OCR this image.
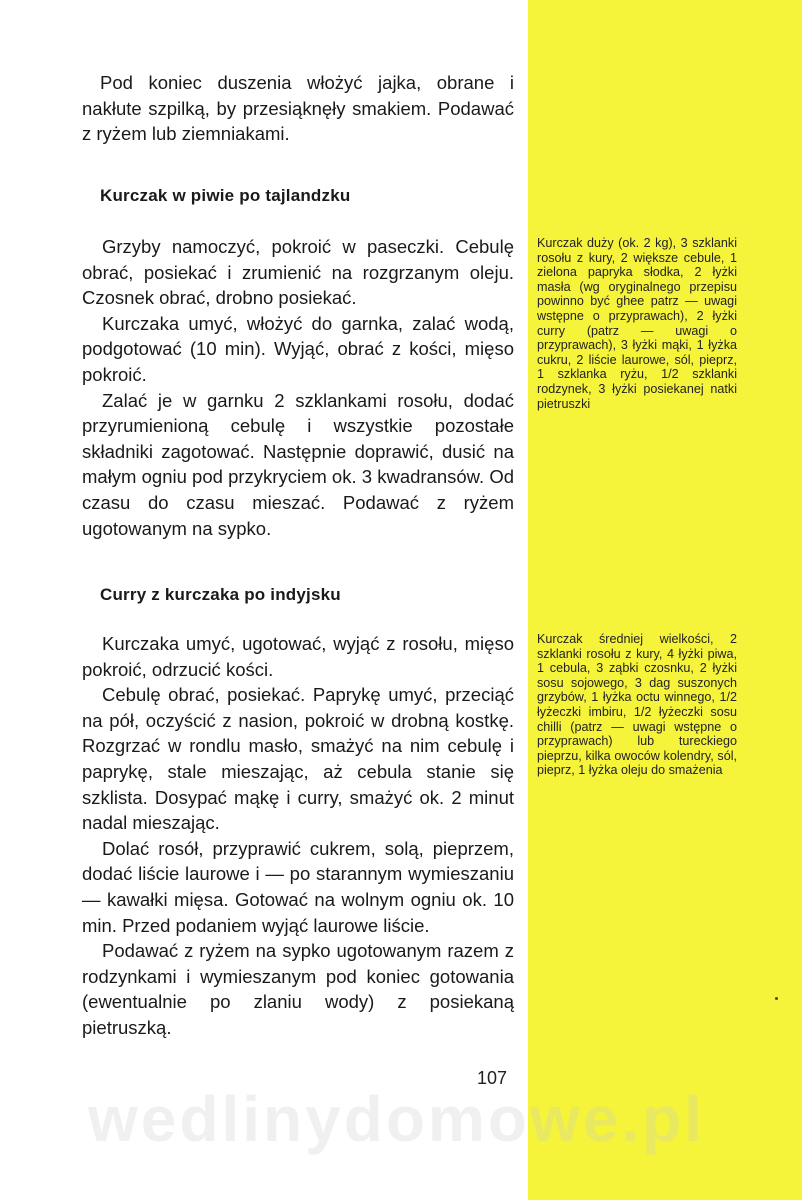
Pod koniec duszenia włożyć jajka, obrane i nakłute szpilką, by przesiąknęły smakiem. Podawać z ryżem lub ziemniakami.

Kurczak w piwie po tajlandzku

Grzyby namoczyć, pokroić w paseczki. Cebulę obrać, posiekać i zrumienić na rozgrzanym oleju. Czosnek obrać, drobno posiekać.

Kurczaka umyć, włożyć do garnka, zalać wodą, podgotować (10 min). Wyjąć, obrać z kości, mięso pokroić.

Zalać je w garnku 2 szklankami rosołu, dodać przyrumienioną cebulę i wszystkie pozostałe składniki zagotować. Następnie doprawić, dusić na małym ogniu pod przykryciem ok. 3 kwadransów. Od czasu do czasu mieszać. Podawać z ryżem ugotowanym na sypko.

Kurczak duży (ok. 2 kg), 3 szklanki rosołu z kury, 2 większe cebule, 1 zielona papryka słodka, 2 łyżki masła (wg oryginalnego przepisu powinno być ghee patrz — uwagi wstępne o przyprawach), 2 łyżki curry (patrz — uwagi o przyprawach), 3 łyżki mąki, 1 łyżka cukru, 2 liście laurowe, sól, pieprz, 1 szklanka ryżu, 1/2 szklanki rodzynek, 3 łyżki posiekanej natki pietruszki
Curry z kurczaka po indyjsku

Kurczaka umyć, ugotować, wyjąć z rosołu, mięso pokroić, odrzucić kości.

Cebulę obrać, posiekać. Paprykę umyć, przeciąć na pół, oczyścić z nasion, pokroić w drobną kostkę. Rozgrzać w rondlu masło, smażyć na nim cebulę i paprykę, stale mieszając, aż cebula stanie się szklista. Dosypać mąkę i curry, smażyć ok. 2 minut nadal mieszając.

Dolać rosół, przyprawić cukrem, solą, pieprzem, dodać liście laurowe i — po starannym wymieszaniu — kawałki mięsa. Gotować na wolnym ogniu ok. 10 min. Przed podaniem wyjąć laurowe liście.

Podawać z ryżem na sypko ugotowanym razem z rodzynkami i wymieszanym pod koniec gotowania (ewentualnie po zlaniu wody) z posiekaną pietruszką.

Kurczak średniej wielkości, 2 szklanki rosołu z kury, 4 łyżki piwa, 1 cebula, 3 ząbki czosnku, 2 łyżki sosu sojowego, 3 dag suszonych grzybów, 1 łyżka octu winnego, 1/2 łyżeczki imbiru, 1/2 łyżeczki sosu chilli (patrz — uwagi wstępne o przyprawach) lub tureckiego pieprzu, kilka owoców kolendry, sól, pieprz, 1 łyżka oleju do smażenia
107
wedlinydomowe.pl
